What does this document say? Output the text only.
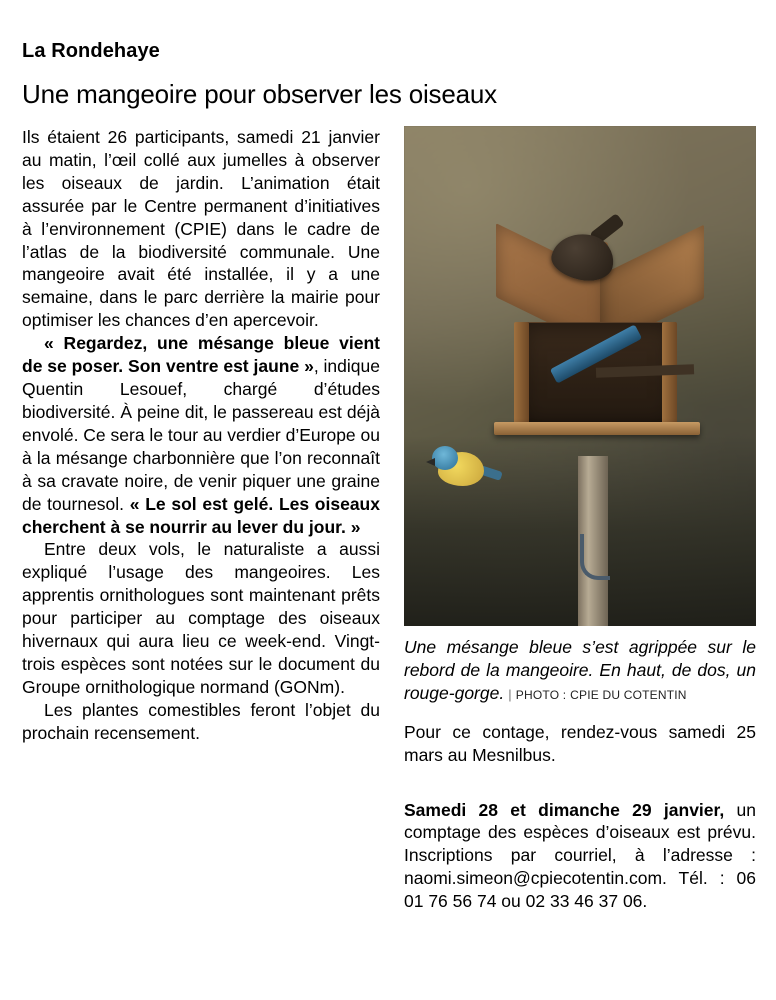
La Rondehaye
Une mangeoire pour observer les oiseaux

Ils étaient 26 participants, samedi 21 janvier au matin, l’œil collé aux jumelles à observer les oiseaux de jardin. L’animation était assurée par le Centre permanent d’initiatives à l’environnement (CPIE) dans le cadre de l’atlas de la biodiversité communale. Une mangeoire avait été installée, il y a une semaine, dans le parc derrière la mairie pour optimiser les chances d’en apercevoir.

« Regardez, une mésange bleue vient de se poser. Son ventre est jaune », indique Quentin Lesouef, chargé d’études biodiversité. À peine dit, le passereau est déjà envolé. Ce sera le tour au verdier d’Europe ou à la mésange charbonnière que l’on reconnaît à sa cravate noire, de venir piquer une graine de tournesol. « Le sol est gelé. Les oiseaux cherchent à se nourrir au lever du jour. »

Entre deux vols, le naturaliste a aussi expliqué l’usage des mangeoires. Les apprentis ornithologues sont maintenant prêts pour participer au comptage des oiseaux hivernaux qui aura lieu ce week-end. Vingt-trois espèces sont notées sur le document du Groupe ornithologique normand (GONm).

Les plantes comestibles feront l’objet du prochain recensement.

Une mésange bleue s’est agrippée sur le rebord de la mangeoire. En haut, de dos, un rouge-gorge. | PHOTO : CPIE DU COTENTIN

Pour ce contage, rendez-vous samedi 25 mars au Mesnilbus.

Samedi 28 et dimanche 29 janvier, un comptage des espèces d’oiseaux est prévu. Inscriptions par courriel, à l’adresse : naomi.simeon@cpiecotentin.com. Tél. : 06 01 76 56 74 ou 02 33 46 37 06.
